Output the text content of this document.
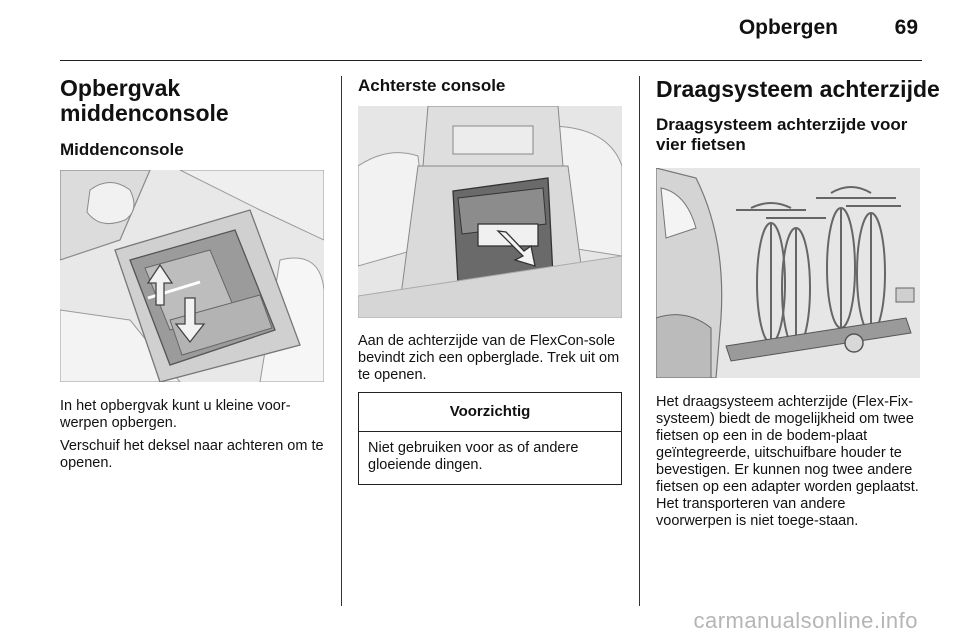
Opbergen	69
Opbergvak middenconsole
Middenconsole

In het opbergvak kunt u kleine voor-werpen opbergen.

Verschuif het deksel naar achteren om te openen.

Achterste console

Aan de achterzijde van de FlexCon-sole bevindt zich een opberglade. Trek uit om te openen.

Voorzichtig
Niet gebruiken voor as of andere gloeiende dingen.
Draagsysteem achterzijde
Draagsysteem achterzijde voor vier fietsen

Het draagsysteem achterzijde (Flex-Fix-systeem) biedt de mogelijkheid om twee fietsen op een in de bodem-plaat geïntegreerde, uitschuifbare houder te bevestigen. Er kunnen nog twee andere fietsen op een adapter worden geplaatst. Het transporteren van andere voorwerpen is niet toege-staan.

carmanualsonline.info
